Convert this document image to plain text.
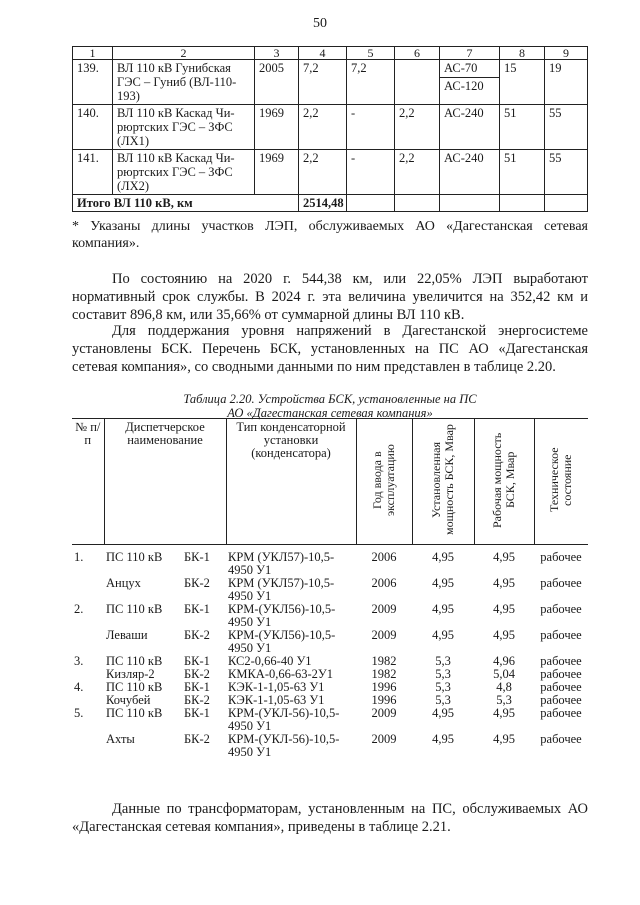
50
1	2	3	4	5	6	7	8	9
139.	ВЛ 110 кВ Гунибская
ГЭС – Гуниб (ВЛ-110-
193)	2005	7,2	7,2		АС-70
АС-120	15	19
140.	ВЛ 110 кВ Каскад Чи-
рюртских ГЭС – ЗФС
(ЛХ1)	1969	2,2	-	2,2	АС-240	51	55
141.	ВЛ 110 кВ Каскад Чи-
рюртских ГЭС – ЗФС
(ЛХ2)	1969	2,2	-	2,2	АС-240	51	55
Итого ВЛ 110 кВ, км			2514,48					
* Указаны длины участков ЛЭП, обслуживаемых АО «Дагестанская сетевая компания».
По состоянию на 2020 г. 544,38 км, или 22,05% ЛЭП выработают нормативный срок службы. В 2024 г. эта величина увеличится на 352,42 км и составит 896,8 км, или 35,66% от суммарной длины ВЛ 110 кВ.
Для поддержания уровня напряжений в Дагестанской энергосистеме установлены БСК. Перечень БСК, установленных на ПС АО «Дагестанская сетевая компания», со сводными данными по ним представлен в таблице 2.20.
Таблица 2.20. Устройства БСК, установленные на ПС
АО «Дагестанская сетевая компания»
№ п/п	Диспетчерское наименование		Тип конденсаторной установки (конденсатора)	Год ввода в эксплуатацию	Установленная мощность БСК, Мвар	Рабочая мощность БСК, Мвар	Техническое состояние
1.	ПС 110 кВ	БК-1	КРМ (УКЛ57)-10,5-
4950 У1	2006	4,95	4,95	рабочее
	Анцух	БК-2	КРМ (УКЛ57)-10,5-
4950 У1	2006	4,95	4,95	рабочее
2.	ПС 110 кВ	БК-1	КРМ-(УКЛ56)-10,5-
4950 У1	2009	4,95	4,95	рабочее
	Леваши	БК-2	КРМ-(УКЛ56)-10,5-
4950 У1	2009	4,95	4,95	рабочее
3.	ПС 110 кВ	БК-1	КС2-0,66-40 У1	1982	5,3	4,96	рабочее
	Кизляр-2	БК-2	КМКА-0,66-63-2У1	1982	5,3	5,04	рабочее
4.	ПС 110 кВ	БК-1	КЭК-1-1,05-63 У1	1996	5,3	4,8	рабочее
	Кочубей	БК-2	КЭК-1-1,05-63 У1	1996	5,3	5,3	рабочее
5.	ПС 110 кВ	БК-1	КРМ-(УКЛ-56)-10,5-
4950 У1	2009	4,95	4,95	рабочее
	Ахты	БК-2	КРМ-(УКЛ-56)-10,5-
4950 У1	2009	4,95	4,95	рабочее
Данные по трансформаторам, установленным на ПС, обслуживаемых АО «Дагестанская сетевая компания», приведены в таблице 2.21.
